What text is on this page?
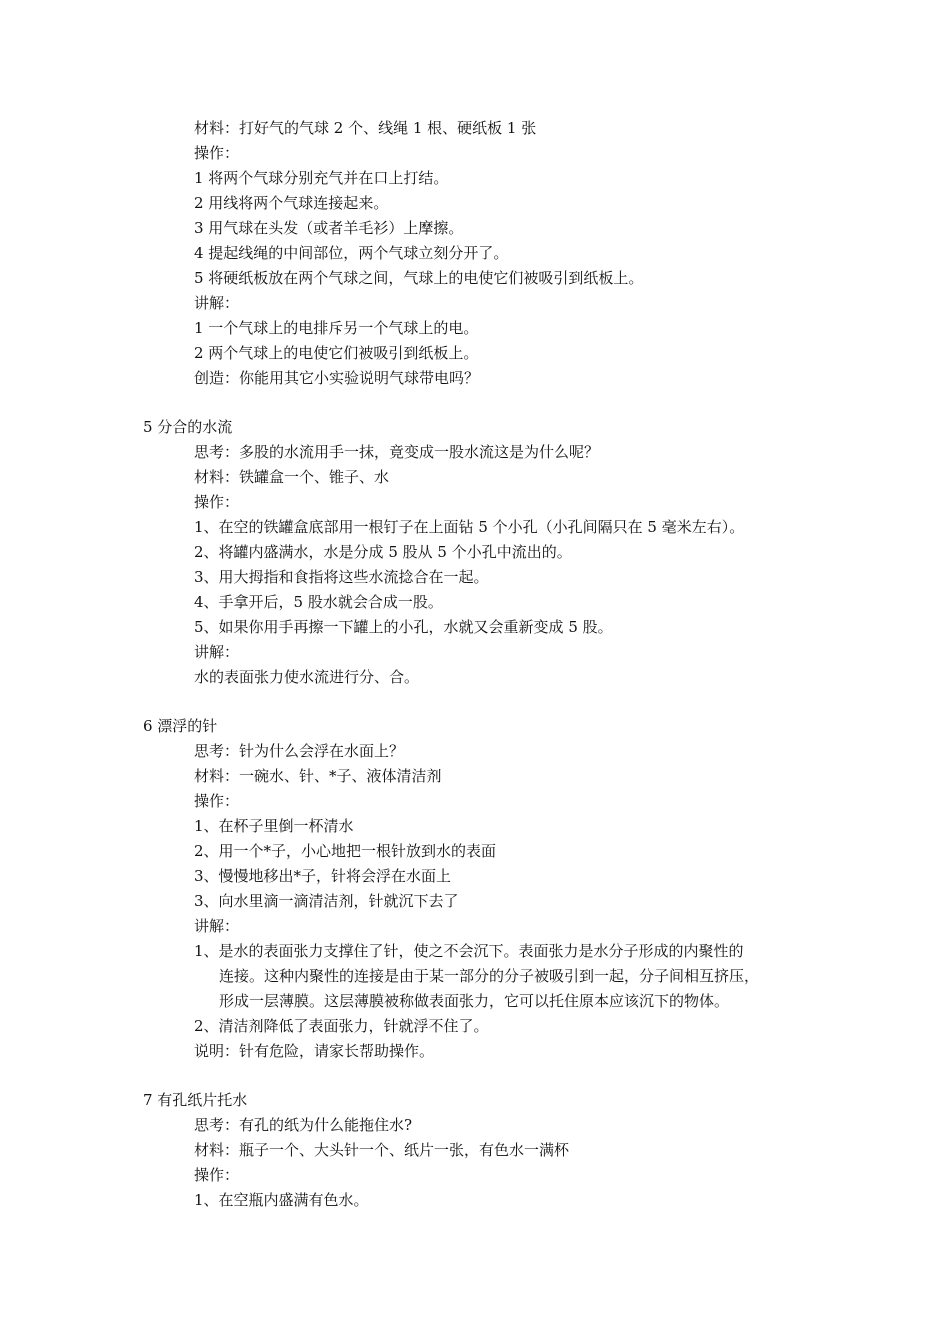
材料：打好气的气球 2 个、线绳 1 根、硬纸板 1 张
操作：
1 将两个气球分别充气并在口上打结。
2 用线将两个气球连接起来。
3 用气球在头发（或者羊毛衫）上摩擦。
4 提起线绳的中间部位，两个气球立刻分开了。
5 将硬纸板放在两个气球之间，气球上的电使它们被吸引到纸板上。
讲解：
1 一个气球上的电排斥另一个气球上的电。
2 两个气球上的电使它们被吸引到纸板上。
创造：你能用其它小实验说明气球带电吗？
5 分合的水流
思考：多股的水流用手一抹，竟变成一股水流这是为什么呢？
材料：铁罐盒一个、锥子、水
操作：
1、在空的铁罐盒底部用一根钉子在上面钻 5 个小孔（小孔间隔只在 5 毫米左右）。
2、将罐内盛满水，水是分成 5 股从 5 个小孔中流出的。
3、用大拇指和食指将这些水流捻合在一起。
4、手拿开后，5 股水就会合成一股。
5、如果你用手再擦一下罐上的小孔，水就又会重新变成 5 股。
讲解：
水的表面张力使水流进行分、合。
6 漂浮的针
思考：针为什么会浮在水面上？
材料：一碗水、针、*子、液体清洁剂
操作：
1、在杯子里倒一杯清水
2、用一个*子，小心地把一根针放到水的表面
3、慢慢地移出*子，针将会浮在水面上
3、向水里滴一滴清洁剂，针就沉下去了
讲解：
1、是水的表面张力支撑住了针，使之不会沉下。表面张力是水分子形成的内聚性的
连接。这种内聚性的连接是由于某一部分的分子被吸引到一起，分子间相互挤压，
形成一层薄膜。这层薄膜被称做表面张力，它可以托住原本应该沉下的物体。
2、清洁剂降低了表面张力，针就浮不住了。
说明：针有危险，请家长帮助操作。
7 有孔纸片托水
思考：有孔的纸为什么能拖住水?
材料：瓶子一个、大头针一个、纸片一张，有色水一满杯
操作：
1、在空瓶内盛满有色水。
